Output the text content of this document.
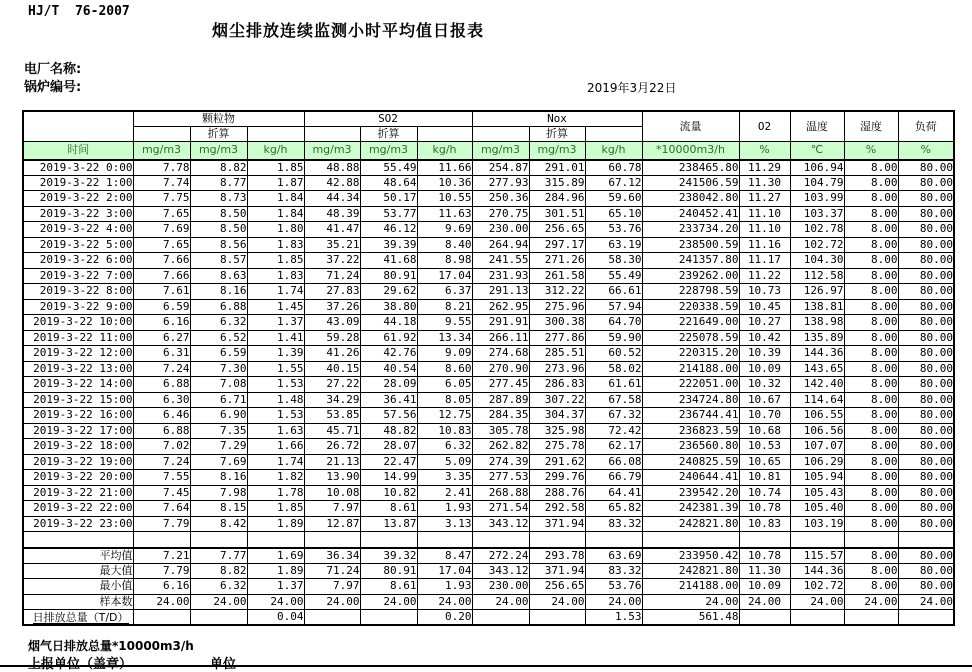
HJ/T  76-2007
烟尘排放连续监测小时平均值日报表
电厂名称:
锅炉编号:	2019年3月22日
	颗粒物			SO2			Nox			流量	O2	温度	湿度	负荷
		折算			折算			折算						
时间	mg/m3	mg/m3	kg/h	mg/m3	mg/m3	kg/h	mg/m3	mg/m3	kg/h	*10000m3/h	%	℃	%	%
2019-3-22 0:00	7.78	8.82	1.85	48.88	55.49	11.66	254.87	291.01	60.78	238465.80	11.29	106.94	8.00	80.00
2019-3-22 1:00	7.74	8.77	1.87	42.88	48.64	10.36	277.93	315.89	67.12	241506.59	11.30	104.79	8.00	80.00
2019-3-22 2:00	7.75	8.73	1.84	44.34	50.17	10.55	250.36	284.96	59.60	238042.80	11.27	103.99	8.00	80.00
2019-3-22 3:00	7.65	8.50	1.84	48.39	53.77	11.63	270.75	301.51	65.10	240452.41	11.10	103.37	8.00	80.00
2019-3-22 4:00	7.69	8.50	1.80	41.47	46.12	9.69	230.00	256.65	53.76	233734.20	11.10	102.78	8.00	80.00
2019-3-22 5:00	7.65	8.56	1.83	35.21	39.39	8.40	264.94	297.17	63.19	238500.59	11.16	102.72	8.00	80.00
2019-3-22 6:00	7.66	8.57	1.85	37.22	41.68	8.98	241.55	271.26	58.30	241357.80	11.17	104.30	8.00	80.00
2019-3-22 7:00	7.66	8.63	1.83	71.24	80.91	17.04	231.93	261.58	55.49	239262.00	11.22	112.58	8.00	80.00
2019-3-22 8:00	7.61	8.16	1.74	27.83	29.62	6.37	291.13	312.22	66.61	228798.59	10.73	126.97	8.00	80.00
2019-3-22 9:00	6.59	6.88	1.45	37.26	38.80	8.21	262.95	275.96	57.94	220338.59	10.45	138.81	8.00	80.00
2019-3-22 10:00	6.16	6.32	1.37	43.09	44.18	9.55	291.91	300.38	64.70	221649.00	10.27	138.98	8.00	80.00
2019-3-22 11:00	6.27	6.52	1.41	59.28	61.92	13.34	266.11	277.86	59.90	225078.59	10.42	135.89	8.00	80.00
2019-3-22 12:00	6.31	6.59	1.39	41.26	42.76	9.09	274.68	285.51	60.52	220315.20	10.39	144.36	8.00	80.00
2019-3-22 13:00	7.24	7.30	1.55	40.15	40.54	8.60	270.90	273.96	58.02	214188.00	10.09	143.65	8.00	80.00
2019-3-22 14:00	6.88	7.08	1.53	27.22	28.09	6.05	277.45	286.83	61.61	222051.00	10.32	142.40	8.00	80.00
2019-3-22 15:00	6.30	6.71	1.48	34.29	36.41	8.05	287.89	307.22	67.58	234724.80	10.67	114.64	8.00	80.00
2019-3-22 16:00	6.46	6.90	1.53	53.85	57.56	12.75	284.35	304.37	67.32	236744.41	10.70	106.55	8.00	80.00
2019-3-22 17:00	6.88	7.35	1.63	45.71	48.82	10.83	305.78	325.98	72.42	236823.59	10.68	106.56	8.00	80.00
2019-3-22 18:00	7.02	7.29	1.66	26.72	28.07	6.32	262.82	275.78	62.17	236560.80	10.53	107.07	8.00	80.00
2019-3-22 19:00	7.24	7.69	1.74	21.13	22.47	5.09	274.39	291.62	66.08	240825.59	10.65	106.29	8.00	80.00
2019-3-22 20:00	7.55	8.16	1.82	13.90	14.99	3.35	277.53	299.76	66.79	240644.41	10.81	105.94	8.00	80.00
2019-3-22 21:00	7.45	7.98	1.78	10.08	10.82	2.41	268.88	288.76	64.41	239542.20	10.74	105.43	8.00	80.00
2019-3-22 22:00	7.64	8.15	1.85	7.97	8.61	1.93	271.54	292.58	65.82	242381.39	10.78	105.40	8.00	80.00
2019-3-22 23:00	7.79	8.42	1.89	12.87	13.87	3.13	343.12	371.94	83.32	242821.80	10.83	103.19	8.00	80.00

平均值	7.21	7.77	1.69	36.34	39.32	8.47	272.24	293.78	63.69	233950.42	10.78	115.57	8.00	80.00
最大值	7.79	8.82	1.89	71.24	80.91	17.04	343.12	371.94	83.32	242821.80	11.30	144.36	8.00	80.00
最小值	6.16	6.32	1.37	7.97	8.61	1.93	230.00	256.65	53.76	214188.00	10.09	102.72	8.00	80.00
样本数	24.00	24.00	24.00	24.00	24.00	24.00	24.00	24.00	24.00	24.00	24.00	24.00	24.00	24.00

日排放总量（T/D）			0.04			0.20			1.53	561.48				
烟气日排放总量*10000m3/h
